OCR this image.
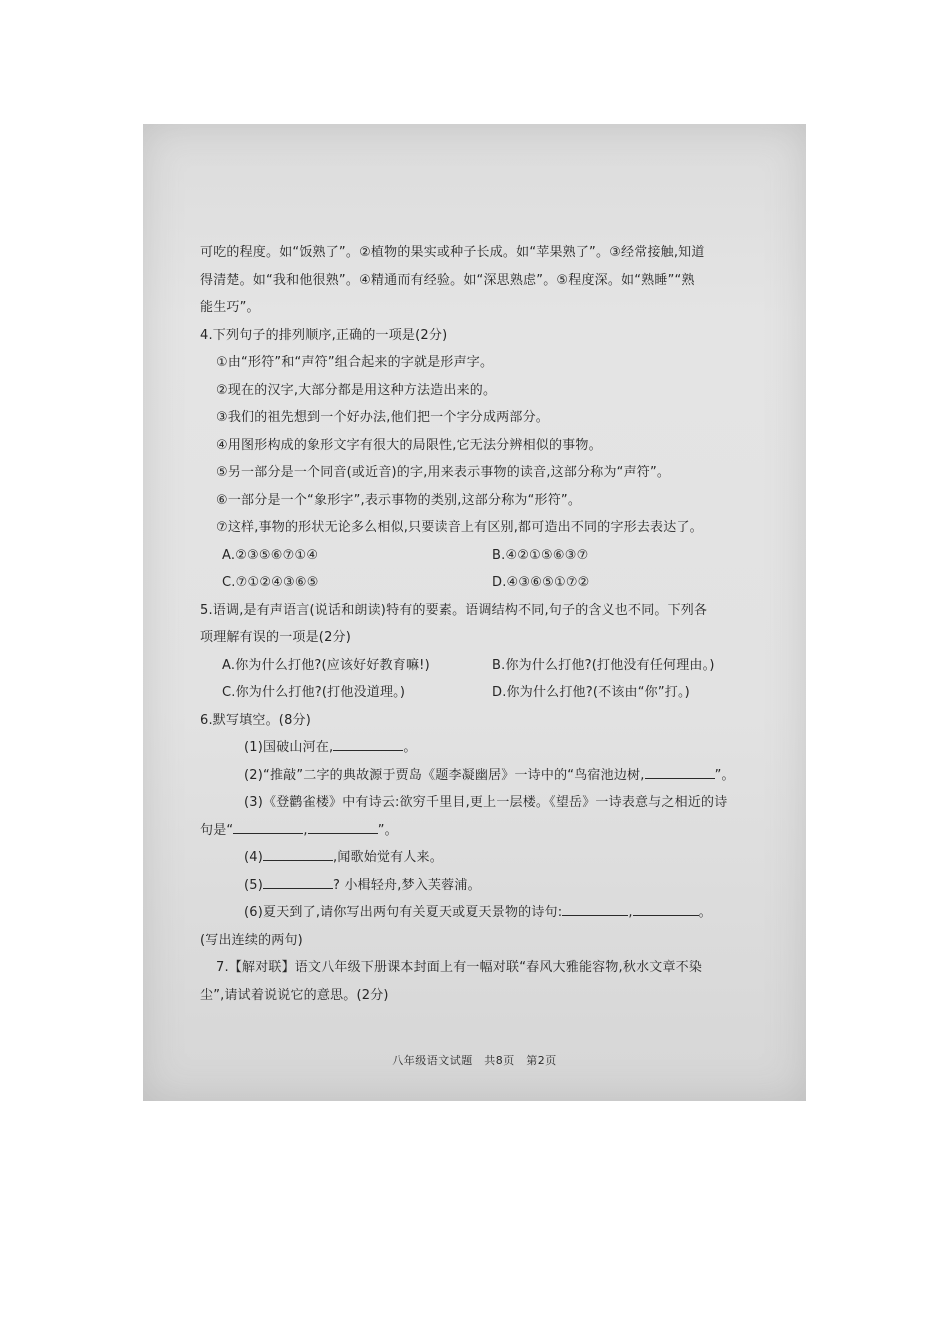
可吃的程度。如“饭熟了”。②植物的果实或种子长成。如“苹果熟了”。③经常接触,知道
得清楚。如“我和他很熟”。④精通而有经验。如“深思熟虑”。⑤程度深。如“熟睡”“熟
能生巧”。
4.下列句子的排列顺序,正确的一项是(2分)
①由“形符”和“声符”组合起来的字就是形声字。
②现在的汉字,大部分都是用这种方法造出来的。
③我们的祖先想到一个好办法,他们把一个字分成两部分。
④用图形构成的象形文字有很大的局限性,它无法分辨相似的事物。
⑤另一部分是一个同音(或近音)的字,用来表示事物的读音,这部分称为“声符”。
⑥一部分是一个“象形字”,表示事物的类别,这部分称为“形符”。
⑦这样,事物的形状无论多么相似,只要读音上有区别,都可造出不同的字形去表达了。
A.②③⑤⑥⑦①④	B.④②①⑤⑥③⑦
C.⑦①②④③⑥⑤	D.④③⑥⑤①⑦②
5.语调,是有声语言(说话和朗读)特有的要素。语调结构不同,句子的含义也不同。下列各
项理解有误的一项是(2分)
A.你为什么打他?(应该好好教育嘛!)	B.你为什么打他?(打他没有任何理由。)
C.你为什么打他?(打他没道理。)	D.你为什么打他?(不该由“你”打。)
6.默写填空。(8分)
(1)国破山河在,	。
(2)“推敲”二字的典故源于贾岛《题李凝幽居》一诗中的“鸟宿池边树,	”。
(3)《登鹳雀楼》中有诗云:欲穷千里目,更上一层楼。《望岳》一诗表意与之相近的诗
句是“	,	”。
(4)	,闻歌始觉有人来。
(5)	? 小楫轻舟,梦入芙蓉浦。
(6)夏天到了,请你写出两句有关夏天或夏天景物的诗句:	,	。
(写出连续的两句)
7.【解对联】语文八年级下册课本封面上有一幅对联“春风大雅能容物,秋水文章不染
尘”,请试着说说它的意思。(2分)
八年级语文试题　共8页　第2页
